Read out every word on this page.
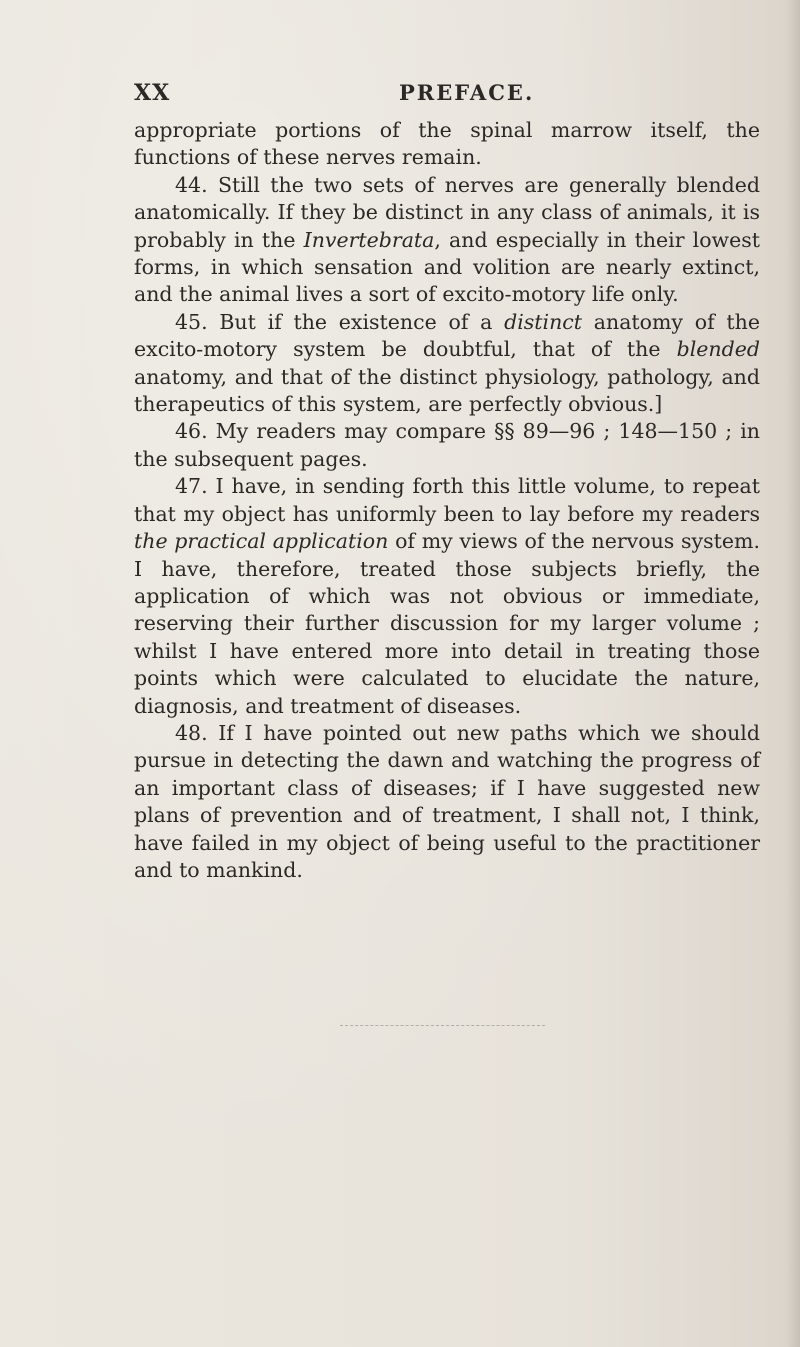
XX	PREFACE.

appropriate portions of the spinal marrow itself, the functions of these nerves remain.

44. Still the two sets of nerves are generally blended anatomically. If they be distinct in any class of animals, it is probably in the Invertebrata, and especially in their lowest forms, in which sensation and volition are nearly extinct, and the animal lives a sort of excito-motory life only.

45. But if the existence of a distinct anatomy of the excito-motory system be doubtful, that of the blended anatomy, and that of the distinct physiology, pathology, and therapeutics of this system, are perfectly obvious.]

46. My readers may compare §§ 89—96 ; 148—150 ; in the subsequent pages.

47. I have, in sending forth this little volume, to repeat that my object has uniformly been to lay before my readers the practical application of my views of the nervous system. I have, therefore, treated those subjects briefly, the application of which was not obvious or immediate, reserving their further discussion for my larger volume ; whilst I have entered more into detail in treating those points which were calculated to elucidate the nature, diagnosis, and treatment of diseases.

48. If I have pointed out new paths which we should pursue in detecting the dawn and watching the progress of an important class of diseases; if I have suggested new plans of prevention and of treatment, I shall not, I think, have failed in my object of being useful to the practitioner and to mankind.
